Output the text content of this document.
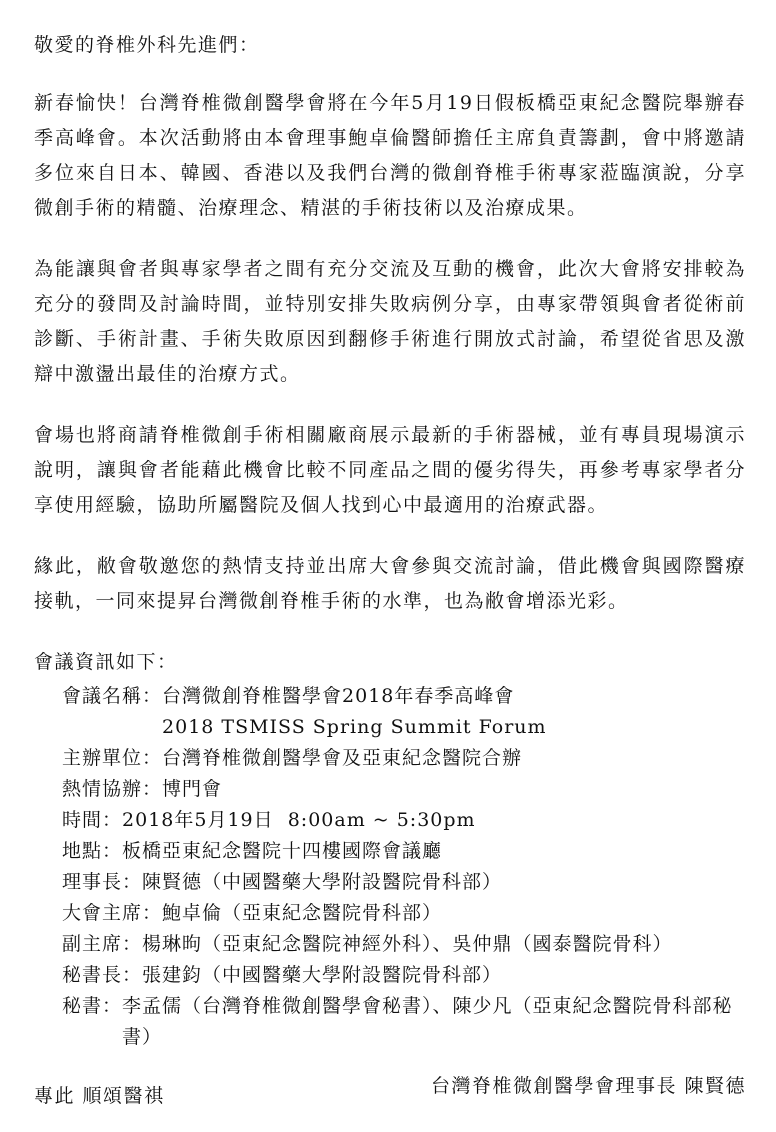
敬愛的脊椎外科先進們：

新春愉快！台灣脊椎微創醫學會將在今年5月19日假板橋亞東紀念醫院舉辦春季高峰會。本次活動將由本會理事鮑卓倫醫師擔任主席負責籌劃，會中將邀請多位來自日本、韓國、香港以及我們台灣的微創脊椎手術專家蒞臨演說，分享微創手術的精髓、治療理念、精湛的手術技術以及治療成果。

為能讓與會者與專家學者之間有充分交流及互動的機會，此次大會將安排較為充分的發問及討論時間，並特別安排失敗病例分享，由專家帶領與會者從術前診斷、手術計畫、手術失敗原因到翻修手術進行開放式討論，希望從省思及激辯中激盪出最佳的治療方式。

會場也將商請脊椎微創手術相關廠商展示最新的手術器械，並有專員現場演示說明，讓與會者能藉此機會比較不同產品之間的優劣得失，再參考專家學者分享使用經驗，協助所屬醫院及個人找到心中最適用的治療武器。

緣此，敝會敬邀您的熱情支持並出席大會參與交流討論，借此機會與國際醫療接軌，一同來提昇台灣微創脊椎手術的水準，也為敝會增添光彩。

會議資訊如下：

會議名稱： 台灣微創脊椎醫學會2018年春季高峰會
2018 TSMISS Spring Summit Forum
主辦單位： 台灣脊椎微創醫學會及亞東紀念醫院合辦
熱情協辦： 博門會
時間： 2018年5月19日  8:00am ~ 5:30pm
地點： 板橋亞東紀念醫院十四樓國際會議廳
理事長： 陳賢德（中國醫藥大學附設醫院骨科部）
大會主席： 鮑卓倫（亞東紀念醫院骨科部）
副主席： 楊琳昫（亞東紀念醫院神經外科）、吳仲鼎（國泰醫院骨科）
秘書長： 張建鈞（中國醫藥大學附設醫院骨科部）
秘書： 李孟儒（台灣脊椎微創醫學會秘書）、陳少凡（亞東紀念醫院骨科部秘書）

專此 順頌醫祺	台灣脊椎微創醫學會理事長 陳賢德
